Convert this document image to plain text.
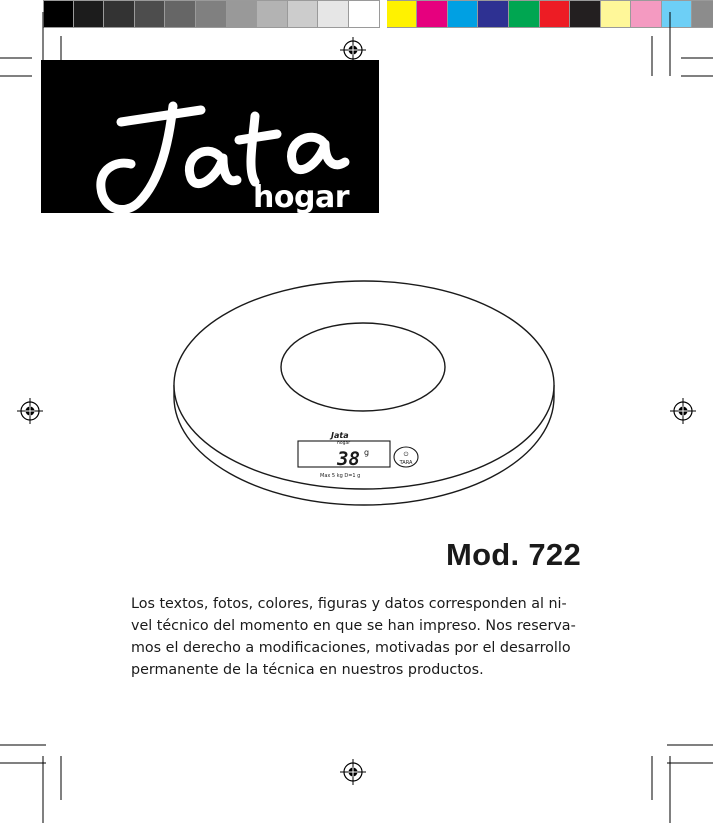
hogar
Jata
hogar
38 g
Max 5 kg D=1 g
⏻
TARA
Mod. 722
Los textos, fotos, colores, figuras y datos corresponden al ni-
vel técnico del momento en que se han impreso. Nos reserva-
mos el derecho a modificaciones, motivadas por el desarrollo
permanente de la técnica en nuestros productos.
